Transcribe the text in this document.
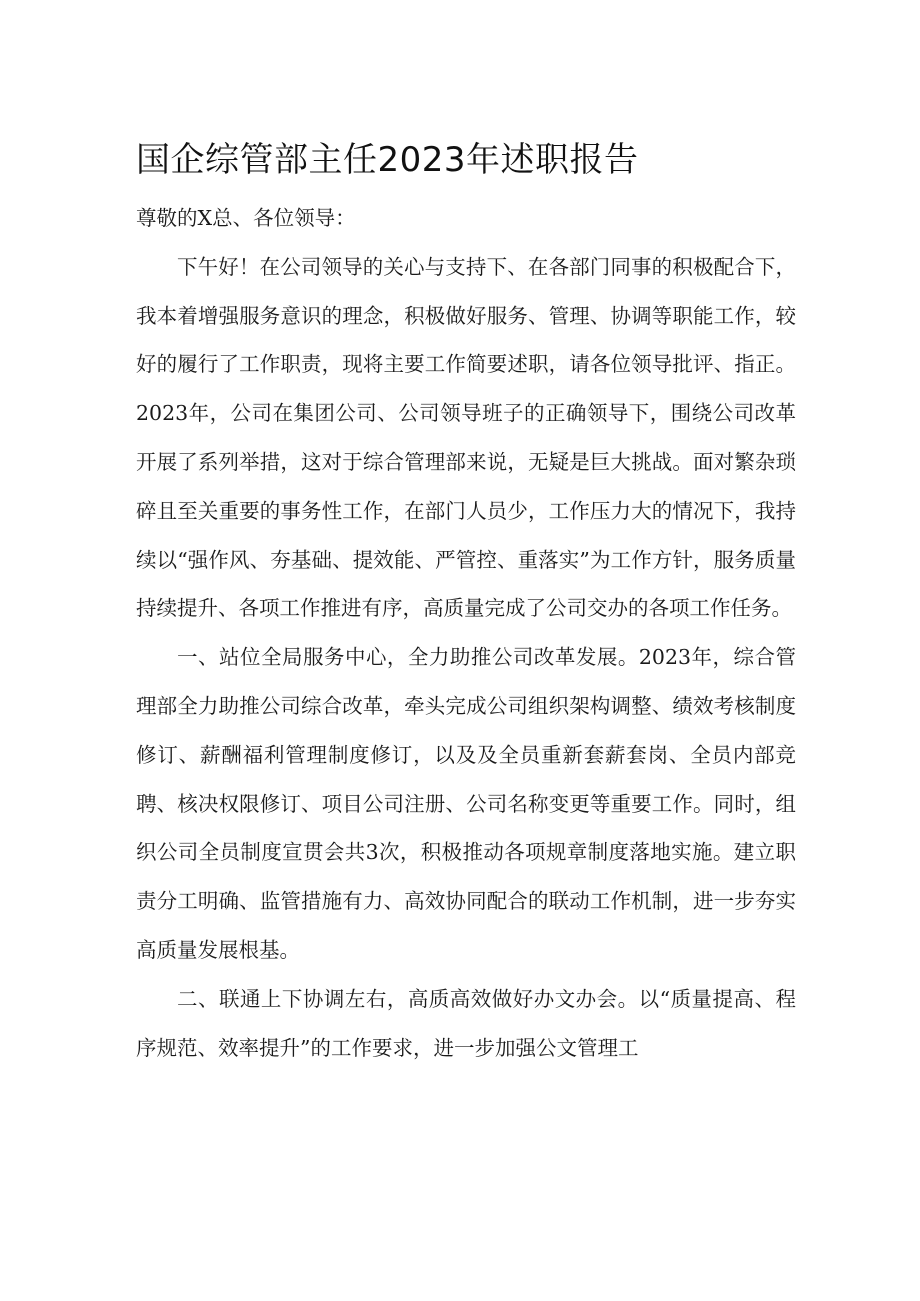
国企综管部主任2023年述职报告

尊敬的X总、各位领导：

下午好！在公司领导的关心与支持下、在各部门同事的积极配合下，我本着增强服务意识的理念，积极做好服务、管理、协调等职能工作，较好的履行了工作职责，现将主要工作简要述职，请各位领导批评、指正。2023年，公司在集团公司、公司领导班子的正确领导下，围绕公司改革开展了系列举措，这对于综合管理部来说，无疑是巨大挑战。面对繁杂琐碎且至关重要的事务性工作，在部门人员少，工作压力大的情况下，我持续以“强作风、夯基础、提效能、严管控、重落实”为工作方针，服务质量持续提升、各项工作推进有序，高质量完成了公司交办的各项工作任务。

一、站位全局服务中心，全力助推公司改革发展。2023年，综合管理部全力助推公司综合改革，牵头完成公司组织架构调整、绩效考核制度修订、薪酬福利管理制度修订，以及及全员重新套薪套岗、全员内部竞聘、核决权限修订、项目公司注册、公司名称变更等重要工作。同时，组织公司全员制度宣贯会共3次，积极推动各项规章制度落地实施。建立职责分工明确、监管措施有力、高效协同配合的联动工作机制，进一步夯实高质量发展根基。

二、联通上下协调左右，高质高效做好办文办会。以“质量提高、程序规范、效率提升”的工作要求，进一步加强公文管理工
